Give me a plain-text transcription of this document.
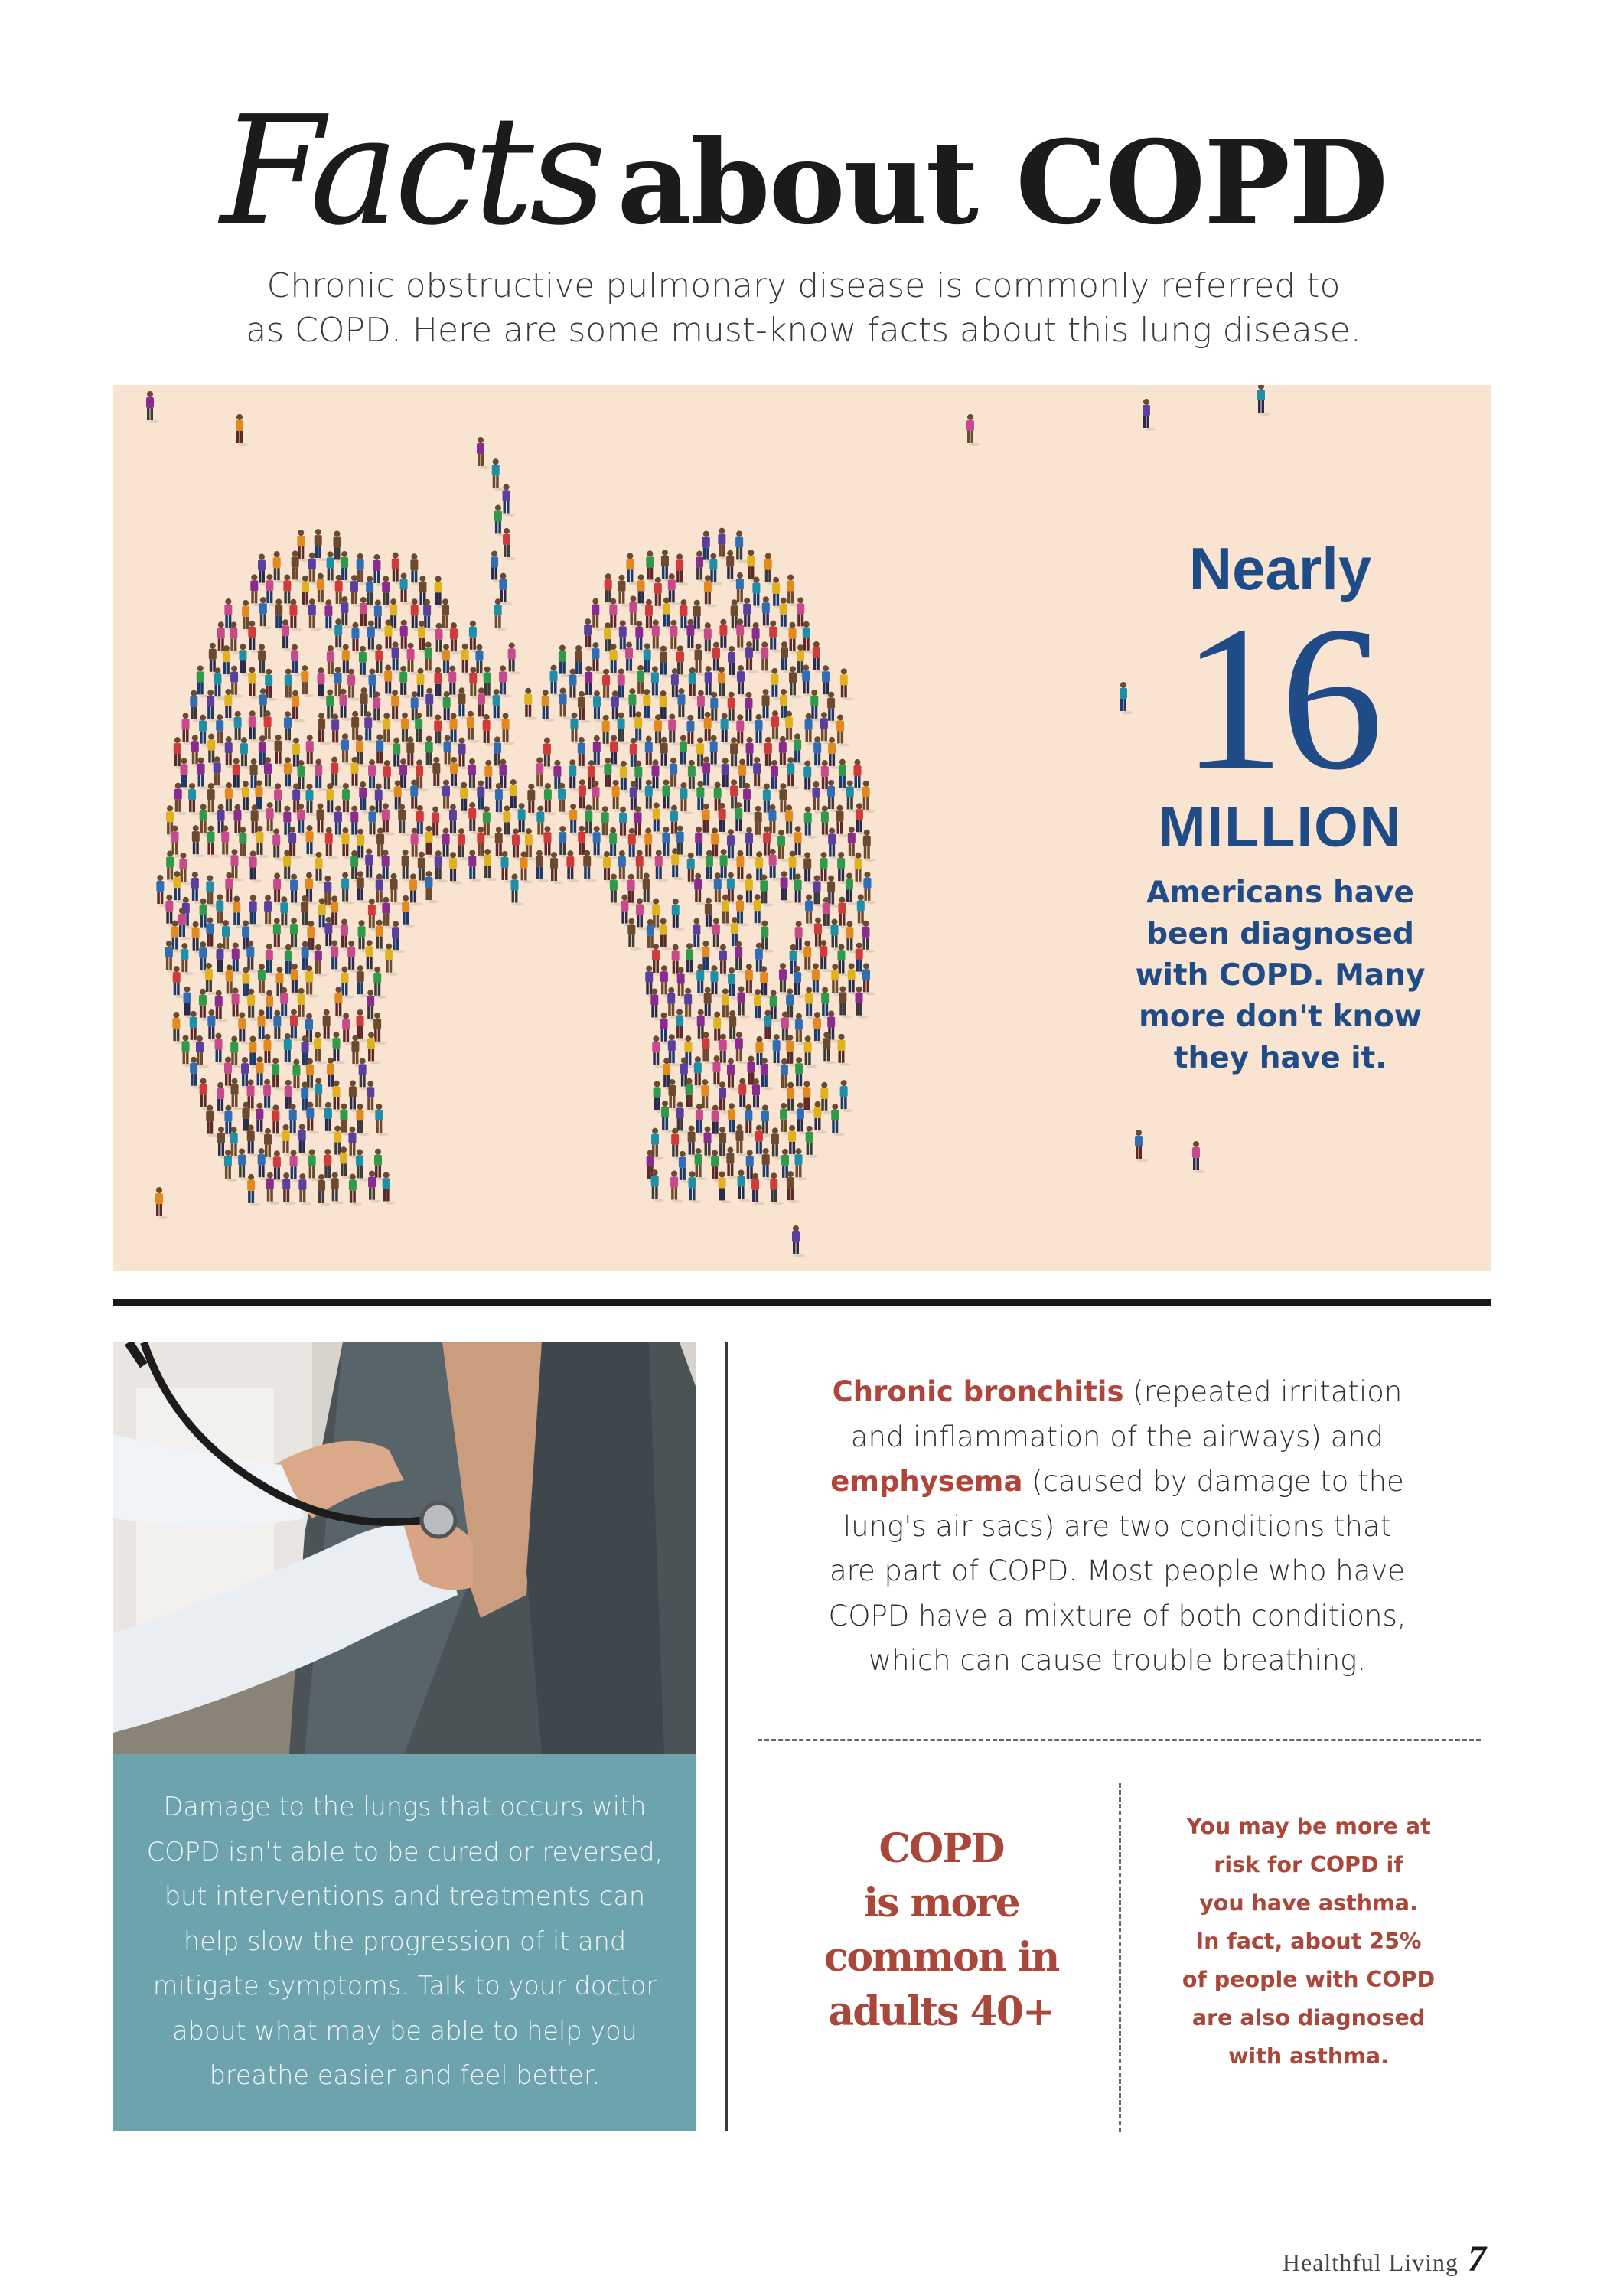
Facts about COPD
Chronic obstructive pulmonary disease is commonly referred to
as COPD. Here are some must-know facts about this lung disease.
Nearly
16
MILLION
Americans have
been diagnosed
with COPD. Many
more don't know
they have it.
Damage to the lungs that occurs with
COPD isn't able to be cured or reversed,
but interventions and treatments can
help slow the progression of it and
mitigate symptoms. Talk to your doctor
about what may be able to help you
breathe easier and feel better.
Chronic bronchitis (repeated irritation
and inflammation of the airways) and
emphysema (caused by damage to the
lung's air sacs) are two conditions that
are part of COPD. Most people who have
COPD have a mixture of both conditions,
which can cause trouble breathing.
COPD
is more
common in
adults 40+
You may be more at
risk for COPD if
you have asthma.
In fact, about 25%
of people with COPD
are also diagnosed
with asthma.
Healthful Living 7
